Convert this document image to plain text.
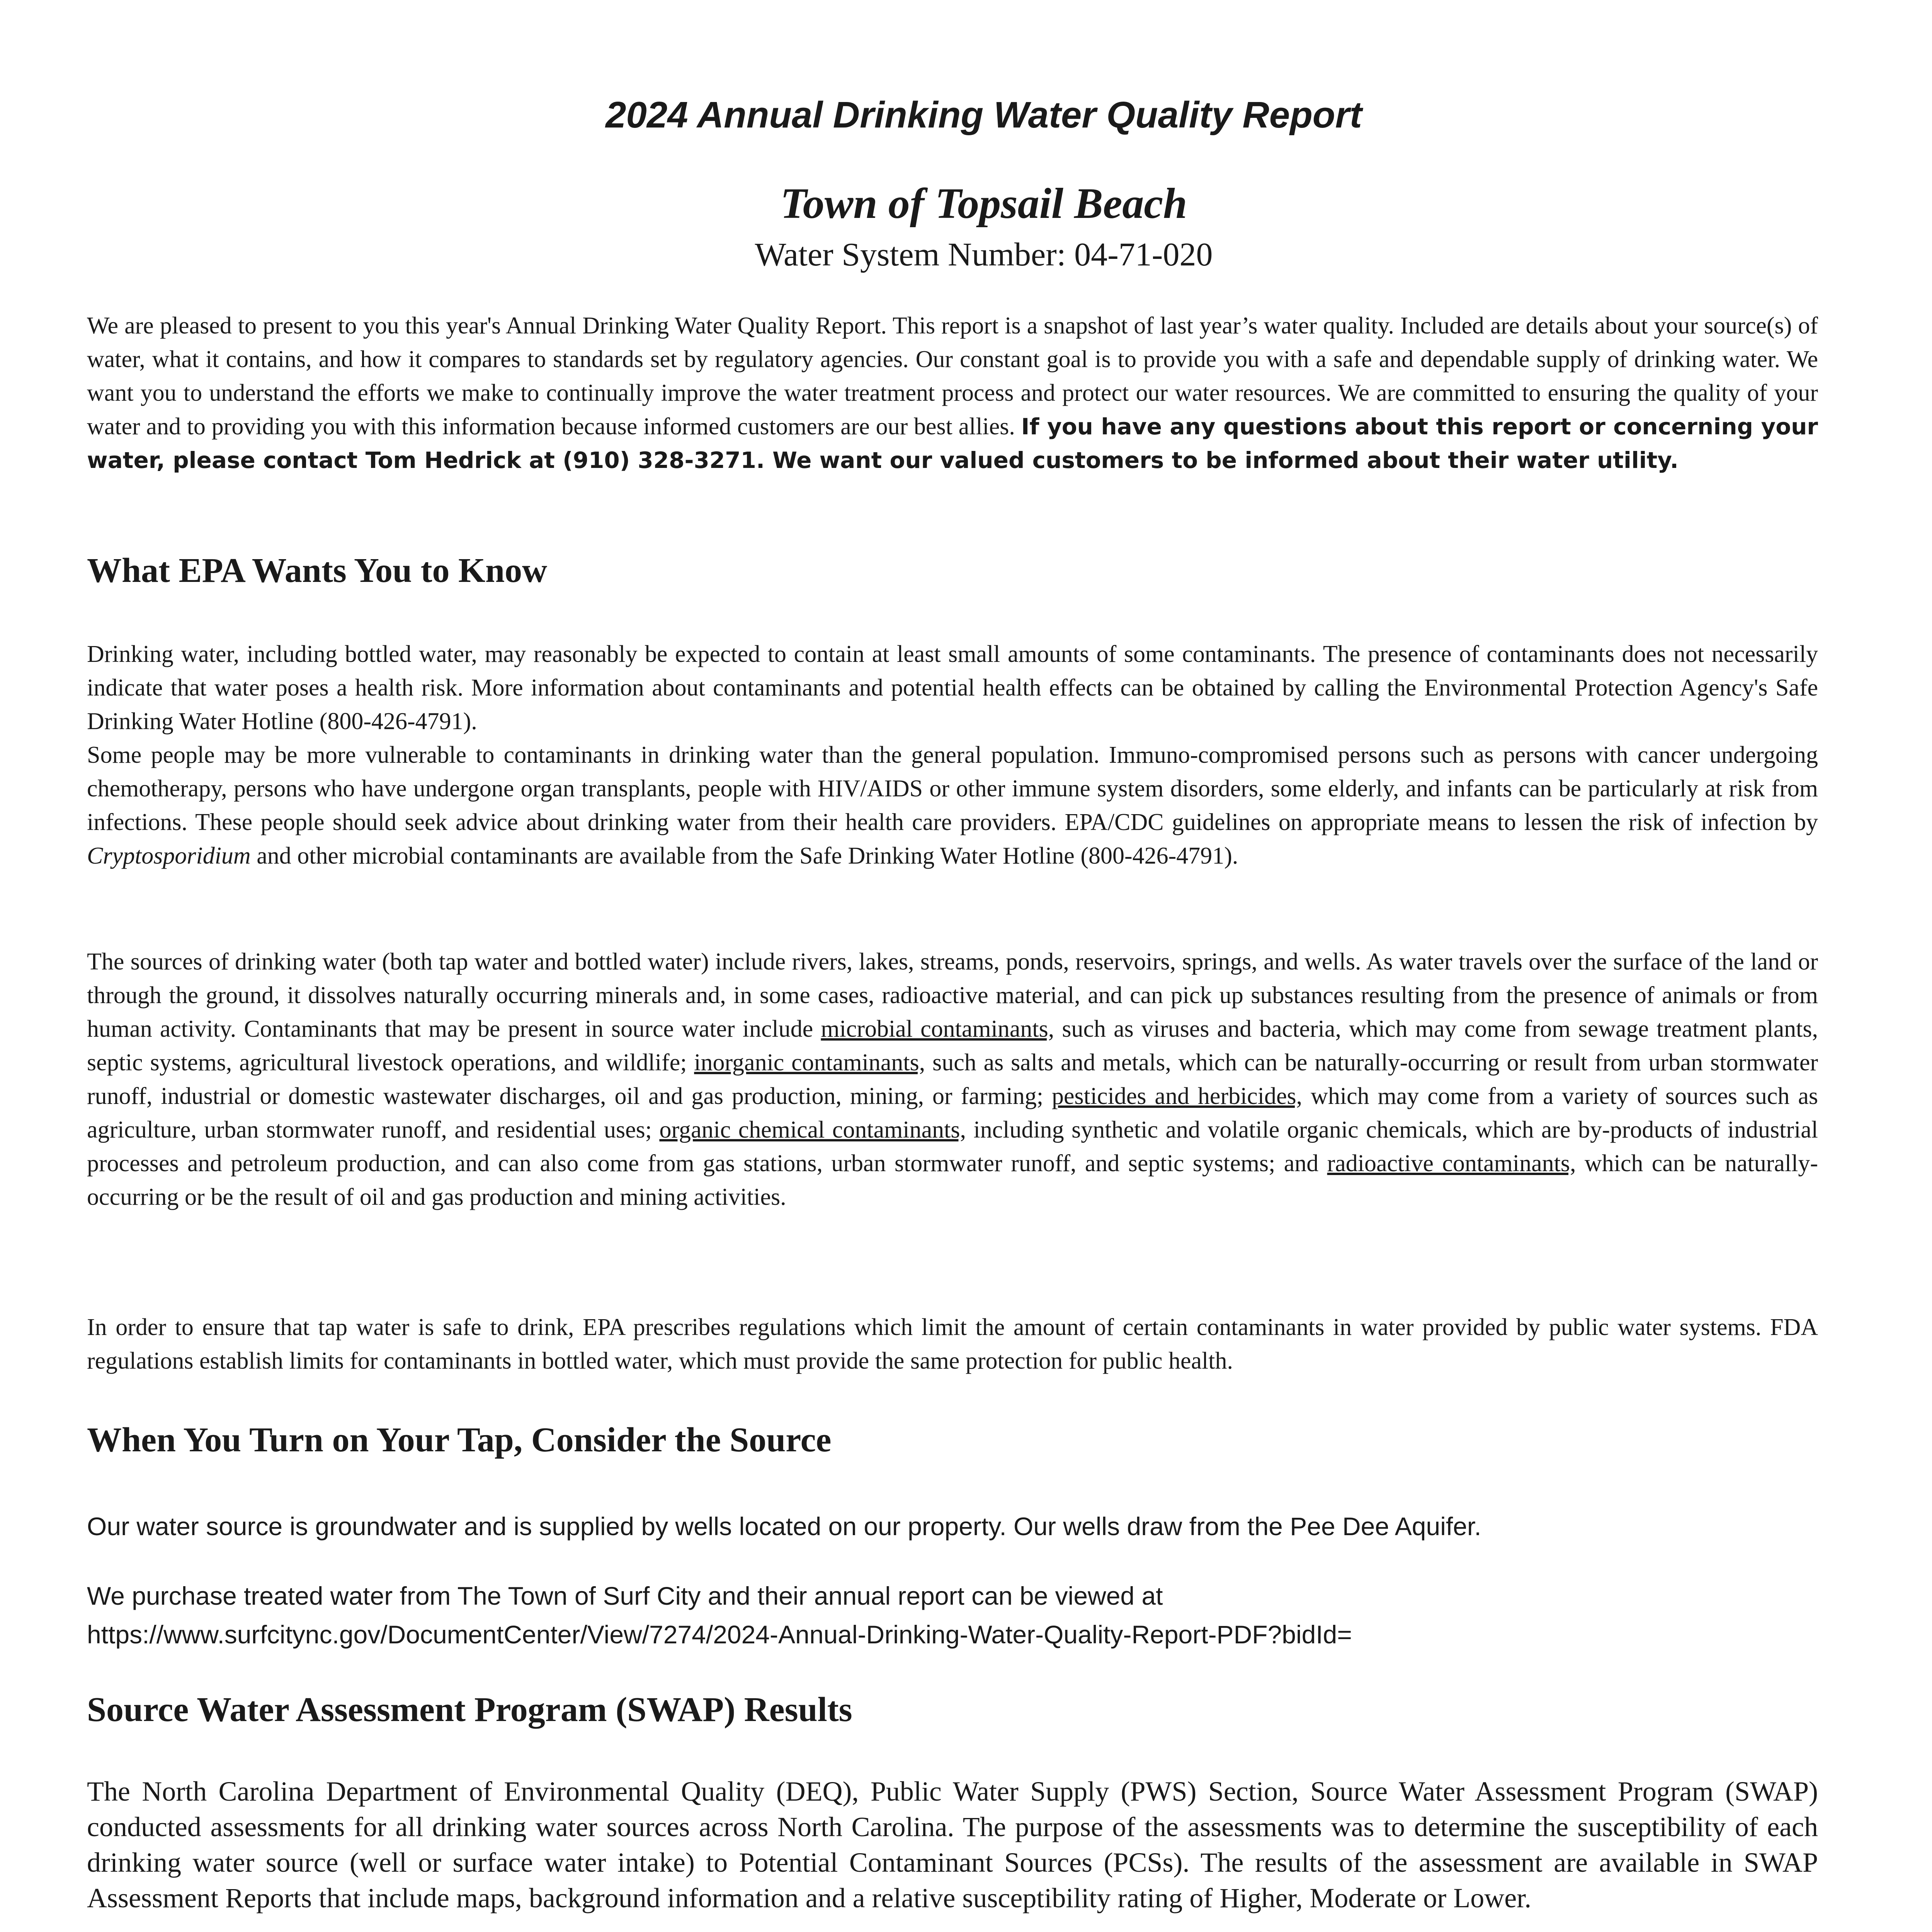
2024 Annual Drinking Water Quality Report
Town of Topsail Beach
Water System Number: 04-71-020
We are pleased to present to you this year's Annual Drinking Water Quality Report. This report is a snapshot of last year’s water quality. Included are details about your source(s) of water, what it contains, and how it compares to standards set by regulatory agencies. Our constant goal is to provide you with a safe and dependable supply of drinking water. We want you to understand the efforts we make to continually improve the water treatment process and protect our water resources. We are committed to ensuring the quality of your water and to providing you with this information because informed customers are our best allies. If you have any questions about this report or concerning your water, please contact Tom Hedrick at (910) 328-3271. We want our valued customers to be informed about their water utility.
What EPA Wants You to Know
Drinking water, including bottled water, may reasonably be expected to contain at least small amounts of some contaminants. The presence of contaminants does not necessarily indicate that water poses a health risk. More information about contaminants and potential health effects can be obtained by calling the Environmental Protection Agency's Safe Drinking Water Hotline (800-426-4791).
Some people may be more vulnerable to contaminants in drinking water than the general population. Immuno-compromised persons such as persons with cancer undergoing chemotherapy, persons who have undergone organ transplants, people with HIV/AIDS or other immune system disorders, some elderly, and infants can be particularly at risk from infections. These people should seek advice about drinking water from their health care providers. EPA/CDC guidelines on appropriate means to lessen the risk of infection by Cryptosporidium and other microbial contaminants are available from the Safe Drinking Water Hotline (800-426-4791).
The sources of drinking water (both tap water and bottled water) include rivers, lakes, streams, ponds, reservoirs, springs, and wells. As water travels over the surface of the land or through the ground, it dissolves naturally occurring minerals and, in some cases, radioactive material, and can pick up substances resulting from the presence of animals or from human activity. Contaminants that may be present in source water include microbial contaminants, such as viruses and bacteria, which may come from sewage treatment plants, septic systems, agricultural livestock operations, and wildlife; inorganic contaminants, such as salts and metals, which can be naturally-occurring or result from urban stormwater runoff, industrial or domestic wastewater discharges, oil and gas production, mining, or farming; pesticides and herbicides, which may come from a variety of sources such as agriculture, urban stormwater runoff, and residential uses; organic chemical contaminants, including synthetic and volatile organic chemicals, which are by-products of industrial processes and petroleum production, and can also come from gas stations, urban stormwater runoff, and septic systems; and radioactive contaminants, which can be naturally-occurring or be the result of oil and gas production and mining activities.
In order to ensure that tap water is safe to drink, EPA prescribes regulations which limit the amount of certain contaminants in water provided by public water systems. FDA regulations establish limits for contaminants in bottled water, which must provide the same protection for public health.
When You Turn on Your Tap, Consider the Source
Our water source is groundwater and is supplied by wells located on our property. Our wells draw from the Pee Dee Aquifer.
We purchase treated water from The Town of Surf City and their annual report can be viewed at
https://www.surfcitync.gov/DocumentCenter/View/7274/2024-Annual-Drinking-Water-Quality-Report-PDF?bidId=
Source Water Assessment Program (SWAP) Results
The North Carolina Department of Environmental Quality (DEQ), Public Water Supply (PWS) Section, Source Water Assessment Program (SWAP) conducted assessments for all drinking water sources across North Carolina. The purpose of the assessments was to determine the susceptibility of each drinking water source (well or surface water intake) to Potential Contaminant Sources (PCSs). The results of the assessment are available in SWAP Assessment Reports that include maps, background information and a relative susceptibility rating of Higher, Moderate or Lower.
